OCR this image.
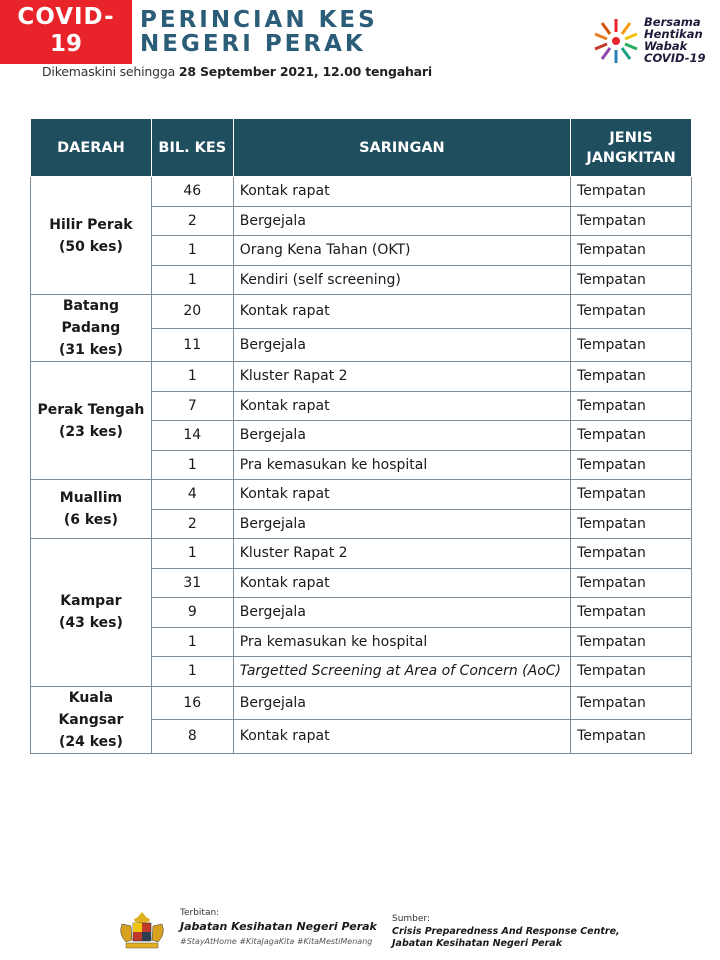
COVID-
19
PERINCIAN KES
NEGERI PERAK
Dikemaskini sehingga 28 September 2021, 12.00 tengahari
Bersama
Hentikan
Wabak
COVID-19
DAERAH	BIL. KES	SARINGAN	JENIS
JANGKITAN

Hilir Perak
(50 kes)	46	Kontak rapat	Tempatan
	2	Bergejala	Tempatan
	1	Orang Kena Tahan (OKT)	Tempatan
	1	Kendiri (self screening)	Tempatan

Batang Padang
(31 kes)	20	Kontak rapat	Tempatan
	11	Bergejala	Tempatan

Perak Tengah
(23 kes)	1	Kluster Rapat 2	Tempatan
	7	Kontak rapat	Tempatan
	14	Bergejala	Tempatan
	1	Pra kemasukan ke hospital	Tempatan

Muallim
(6 kes)	4	Kontak rapat	Tempatan
	2	Bergejala	Tempatan

Kampar
(43 kes)	1	Kluster Rapat 2	Tempatan
	31	Kontak rapat	Tempatan
	9	Bergejala	Tempatan
	1	Pra kemasukan ke hospital	Tempatan
	1	Targetted Screening at Area of Concern (AoC)	Tempatan

Kuala Kangsar
(24 kes)	16	Bergejala	Tempatan
	8	Kontak rapat	Tempatan
Terbitan:
Jabatan Kesihatan Negeri Perak
#StayAtHome #KitaJagaKita #KitaMestiMenang
Sumber:
Crisis Preparedness And Response Centre,
Jabatan Kesihatan Negeri Perak
